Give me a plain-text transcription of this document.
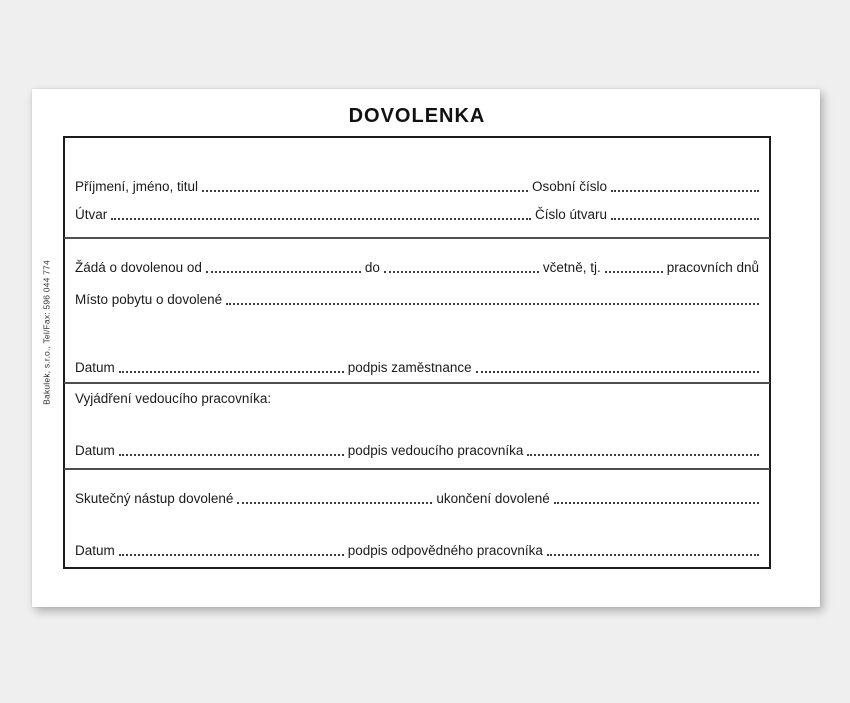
DOVOLENKA
Bakulek, s.r.o., Tel/Fax: 596 044 774
Příjmení, jméno, titul	Osobní číslo
Útvar	Číslo útvaru
Žádá o dovolenou od	do	včetně, tj.	pracovních dnů
Místo pobytu o dovolené
Datum	podpis zaměstnance
Vyjádření vedoucího pracovníka:
Datum	podpis vedoucího pracovníka
Skutečný nástup dovolené	ukončení dovolené
Datum	podpis odpovědného pracovníka
